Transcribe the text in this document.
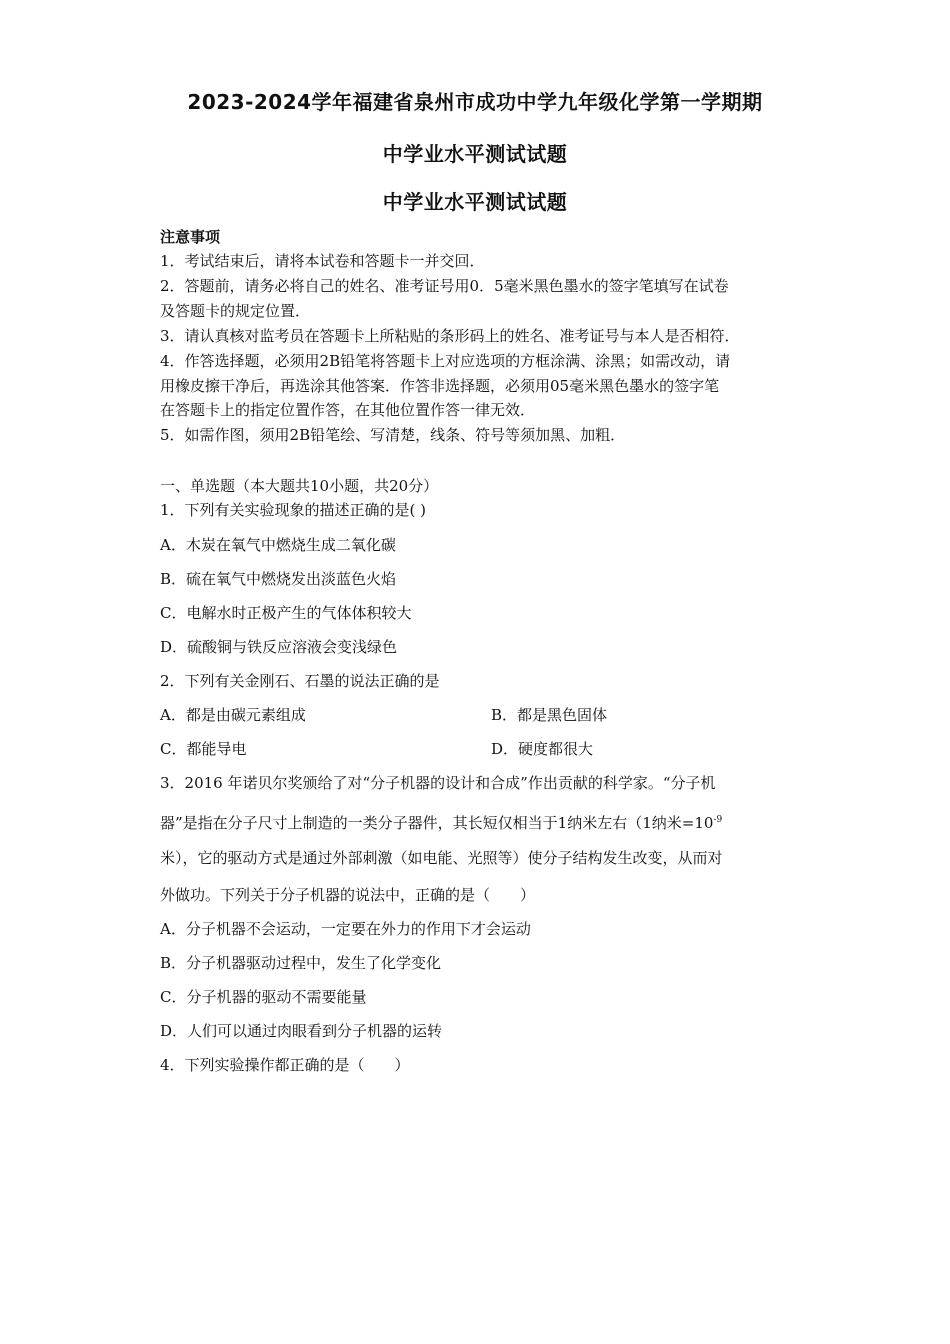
2023-2024学年福建省泉州市成功中学九年级化学第一学期期
中学业水平测试试题
中学业水平测试试题
注意事项
1．考试结束后，请将本试卷和答题卡一并交回．
2．答题前，请务必将自己的姓名、准考证号用0．5毫米黑色墨水的签字笔填写在试卷
及答题卡的规定位置．
3．请认真核对监考员在答题卡上所粘贴的条形码上的姓名、准考证号与本人是否相符．
4．作答选择题，必须用2B铅笔将答题卡上对应选项的方框涂满、涂黑；如需改动，请
用橡皮擦干净后，再选涂其他答案．作答非选择题，必须用05毫米黑色墨水的签字笔
在答题卡上的指定位置作答，在其他位置作答一律无效．
5．如需作图，须用2B铅笔绘、写清楚，线条、符号等须加黑、加粗．
一、单选题（本大题共10小题，共20分）
1．下列有关实验现象的描述正确的是( )
A．木炭在氧气中燃烧生成二氧化碳
B．硫在氧气中燃烧发出淡蓝色火焰
C．电解水时正极产生的气体体积较大
D．硫酸铜与铁反应溶液会变浅绿色
2．下列有关金刚石、石墨的说法正确的是
A．都是由碳元素组成	B．都是黑色固体
C．都能导电	D．硬度都很大
3．2016 年诺贝尔奖颁给了对“分子机器的设计和合成”作出贡献的科学家。“分子机
器”是指在分子尺寸上制造的一类分子器件，其长短仅相当于1纳米左右（1纳米$=10^{-9}$
米），它的驱动方式是通过外部刺激（如电能、光照等）使分子结构发生改变，从而对
外做功。下列关于分子机器的说法中，正确的是（　　）
A．分子机器不会运动，一定要在外力的作用下才会运动
B．分子机器驱动过程中，发生了化学变化
C．分子机器的驱动不需要能量
D．人们可以通过肉眼看到分子机器的运转
4．下列实验操作都正确的是（　　）
